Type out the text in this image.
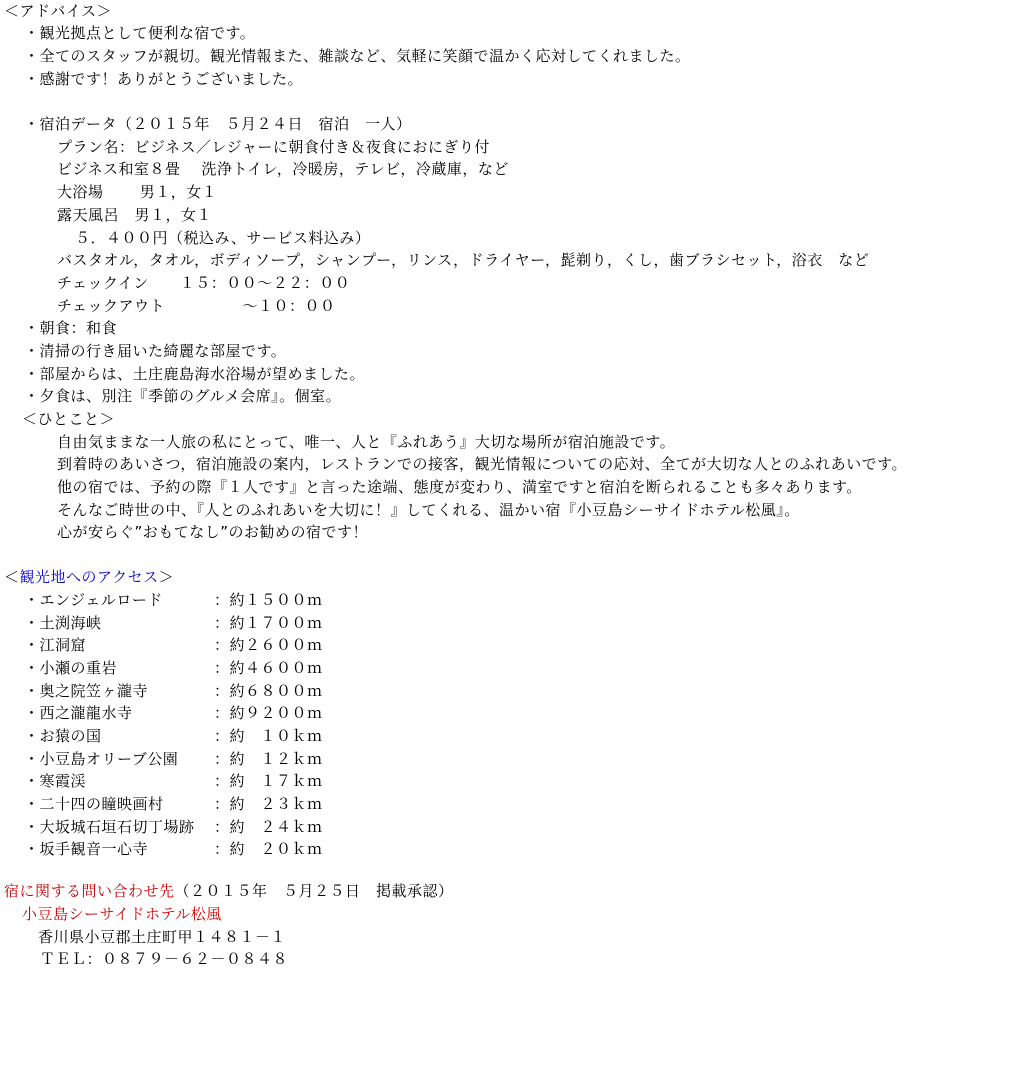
＜アドバイス＞
・観光拠点として便利な宿です。
・全てのスタッフが親切。観光情報また、雑談など、気軽に笑顔で温かく応対してくれました。
・感謝です！ありがとうございました。
・宿泊データ（２０１５年　５月２４日　宿泊　一人）
プラン名：ビジネス／レジャーに朝食付き＆夜食におにぎり付
ビジネス和室８畳　 洗浄トイレ，冷暖房，テレビ，冷蔵庫，など
大浴場　　 男１，女１
露天風呂　男１，女１
５．４００円（税込み、サービス料込み）
バスタオル，タオル，ボディソープ，シャンプー，リンス，ドライヤー，髭剃り，くし，歯ブラシセット，浴衣　など
チェックイン　　１５：００～２２：００
チェックアウト　　　　　～１０：００
・朝食：和食
・清掃の行き届いた綺麗な部屋です。
・部屋からは、土庄鹿島海水浴場が望めました。
・夕食は、別注『季節のグルメ会席』。個室。
＜ひとこと＞
自由気ままな一人旅の私にとって、唯一、人と『ふれあう』大切な場所が宿泊施設です。
到着時のあいさつ，宿泊施設の案内，レストランでの接客，観光情報についての応対、全てが大切な人とのふれあいです。
他の宿では、予約の際『１人です』と言った途端、態度が変わり、満室ですと宿泊を断られることも多々あります。
そんなご時世の中、『人とのふれあいを大切に！』してくれる、温かい宿『小豆島シーサイドホテル松風』。
心が安らぐ”おもてなし”のお勧めの宿です！
＜観光地へのアクセス＞
・エンジェルロード	：約１５００ｍ
・土渕海峡	：約１７００ｍ
・江洞窟	：約２６００ｍ
・小瀬の重岩	：約４６００ｍ
・奥之院笠ヶ瀧寺	：約６８００ｍ
・西之瀧龍水寺	：約９２００ｍ
・お猿の国	：約　１０ｋｍ
・小豆島オリーブ公園 ：約　１２ｋｍ
・寒霞渓	：約　１７ｋｍ
・二十四の瞳映画村	：約　２３ｋｍ
・大坂城石垣石切丁場跡 ：約　２４ｋｍ
・坂手観音一心寺	：約　２０ｋｍ
宿に関する問い合わせ先（２０１５年　５月２５日　掲載承認）
小豆島シーサイドホテル松風
香川県小豆郡土庄町甲１４８１－１
ＴＥＬ：０８７９－６２－０８４８
